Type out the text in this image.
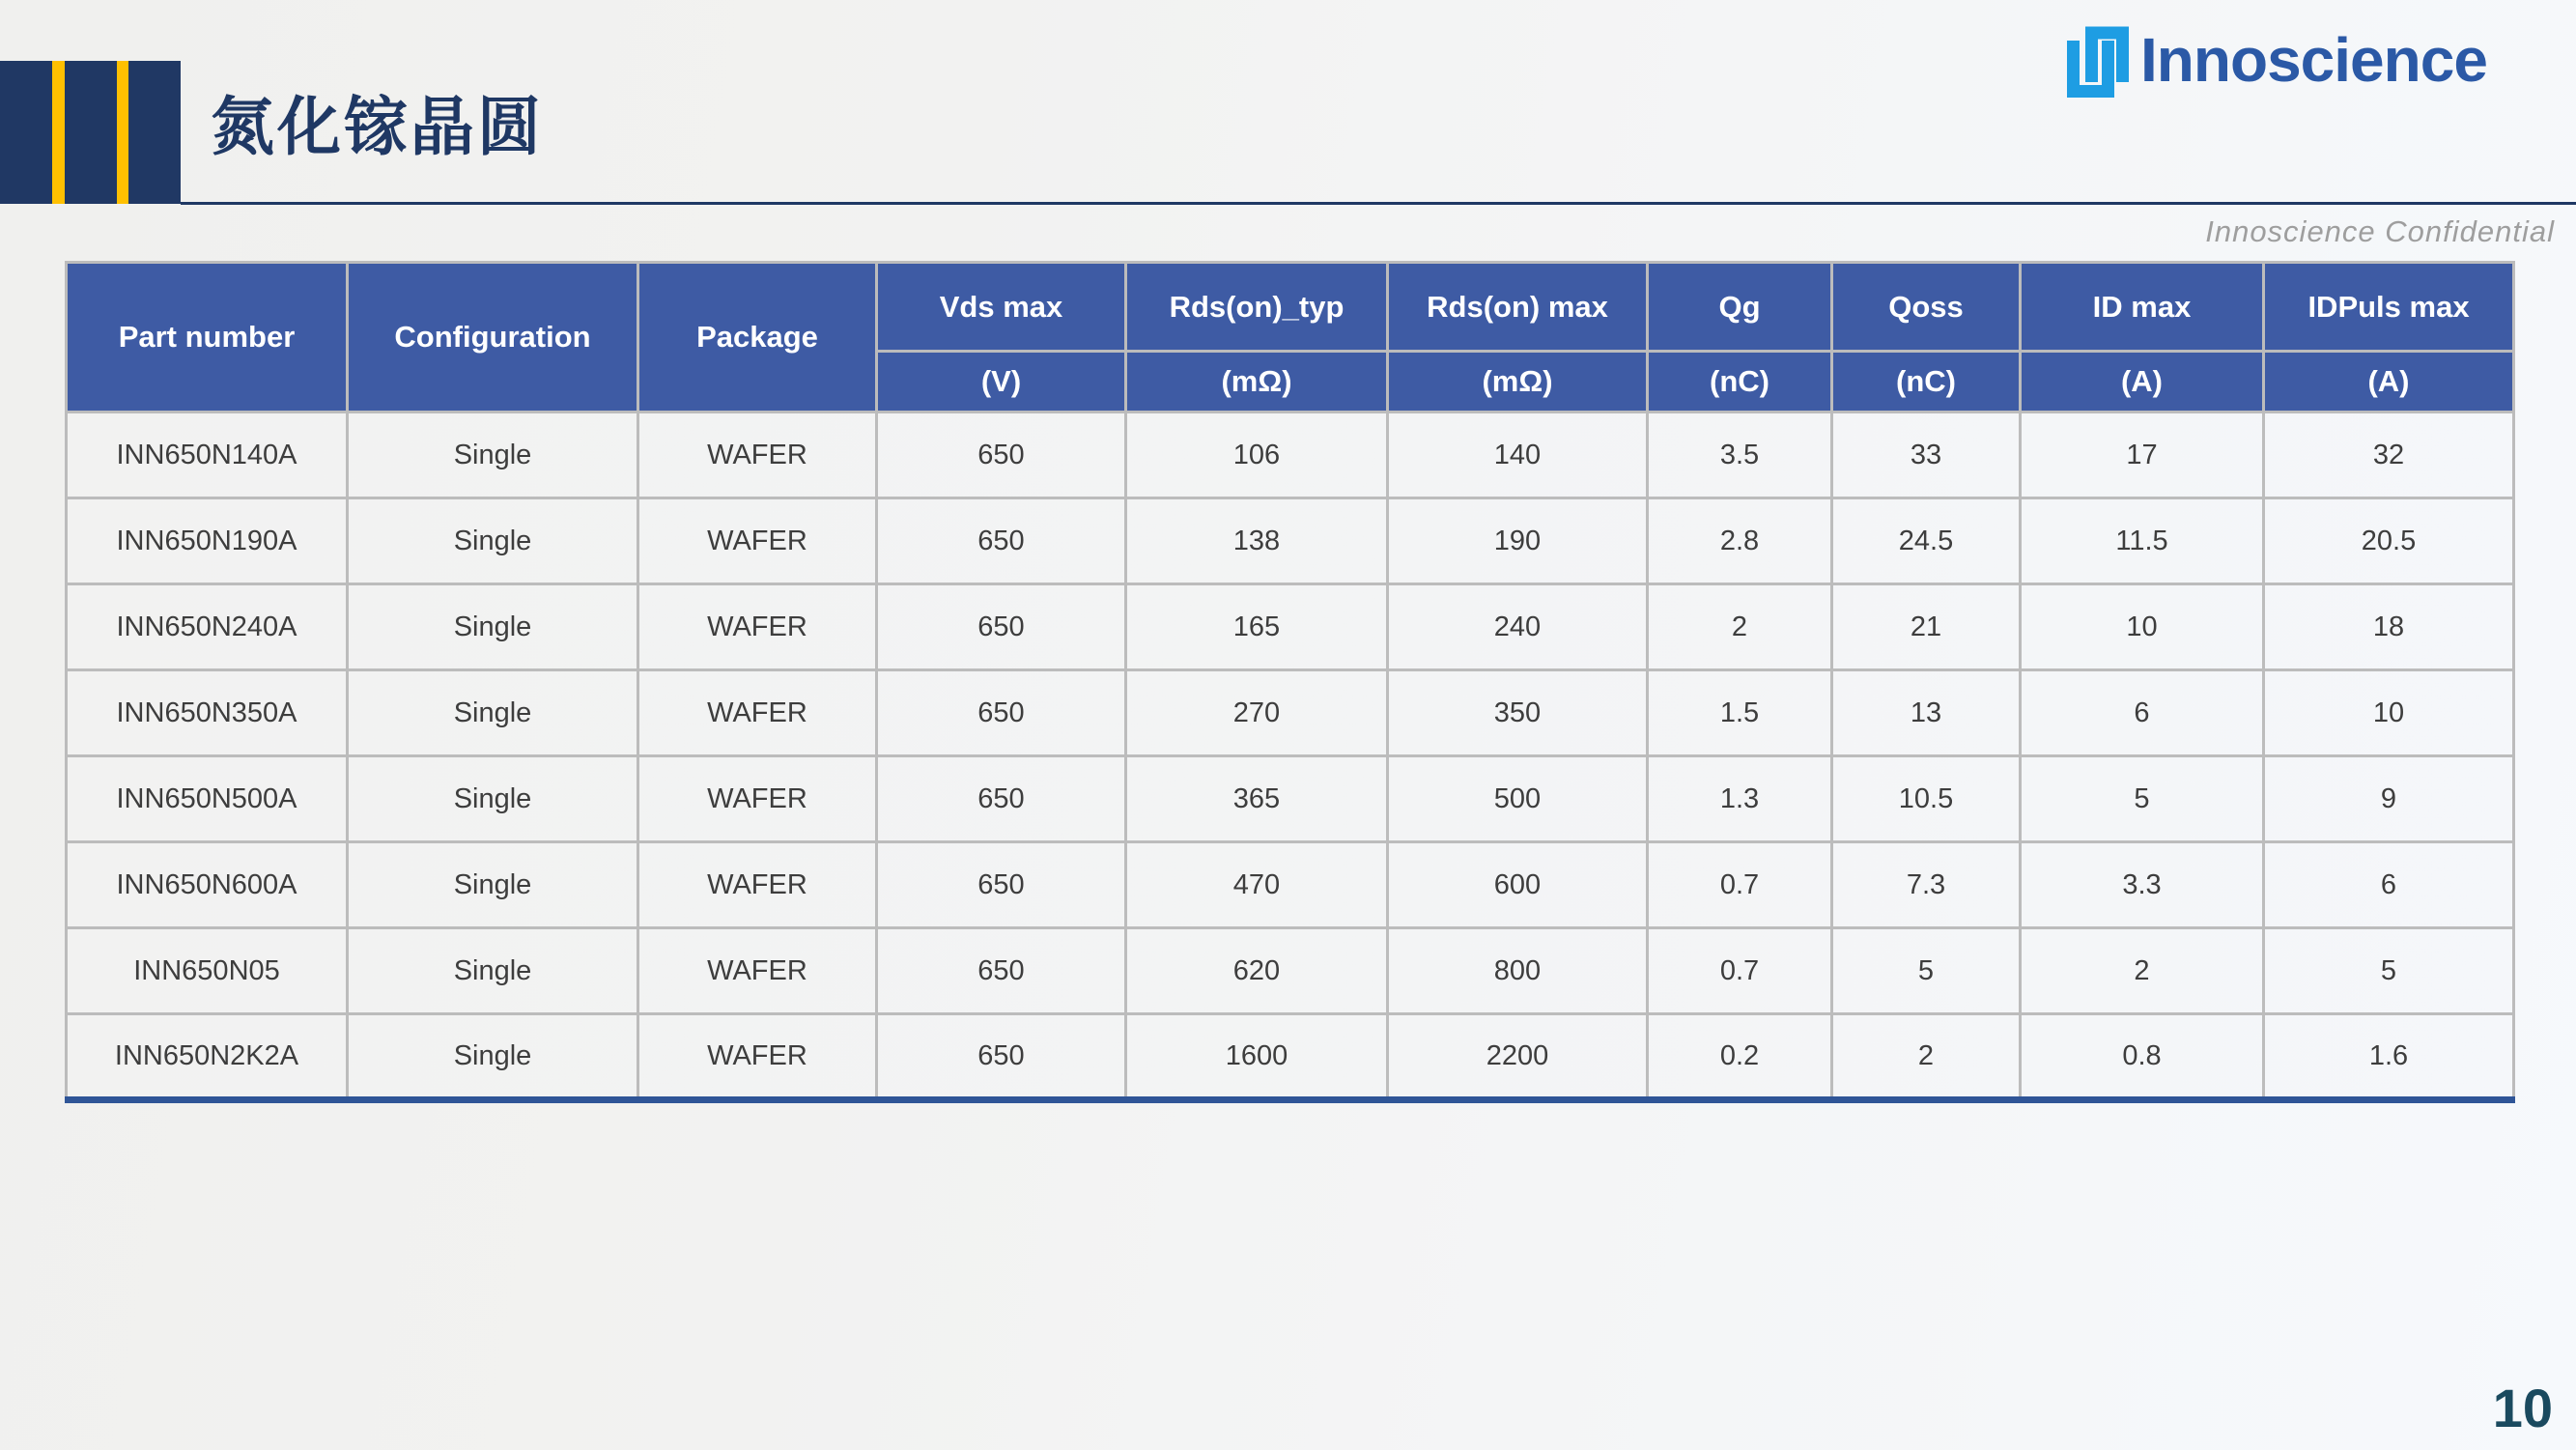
氮化镓晶圆
Innoscience
Innoscience Confidential
Part number	Configuration	Package	Vds max	Rds(on)_typ	Rds(on) max	Qg	Qoss	ID max	IDPuls max
			(V)	(mΩ)	(mΩ)	(nC)	(nC)	(A)	(A)
INN650N140A	Single	WAFER	650	106	140	3.5	33	17	32
INN650N190A	Single	WAFER	650	138	190	2.8	24.5	11.5	20.5
INN650N240A	Single	WAFER	650	165	240	2	21	10	18
INN650N350A	Single	WAFER	650	270	350	1.5	13	6	10
INN650N500A	Single	WAFER	650	365	500	1.3	10.5	5	9
INN650N600A	Single	WAFER	650	470	600	0.7	7.3	3.3	6
INN650N05	Single	WAFER	650	620	800	0.7	5	2	5
INN650N2K2A	Single	WAFER	650	1600	2200	0.2	2	0.8	1.6
10
